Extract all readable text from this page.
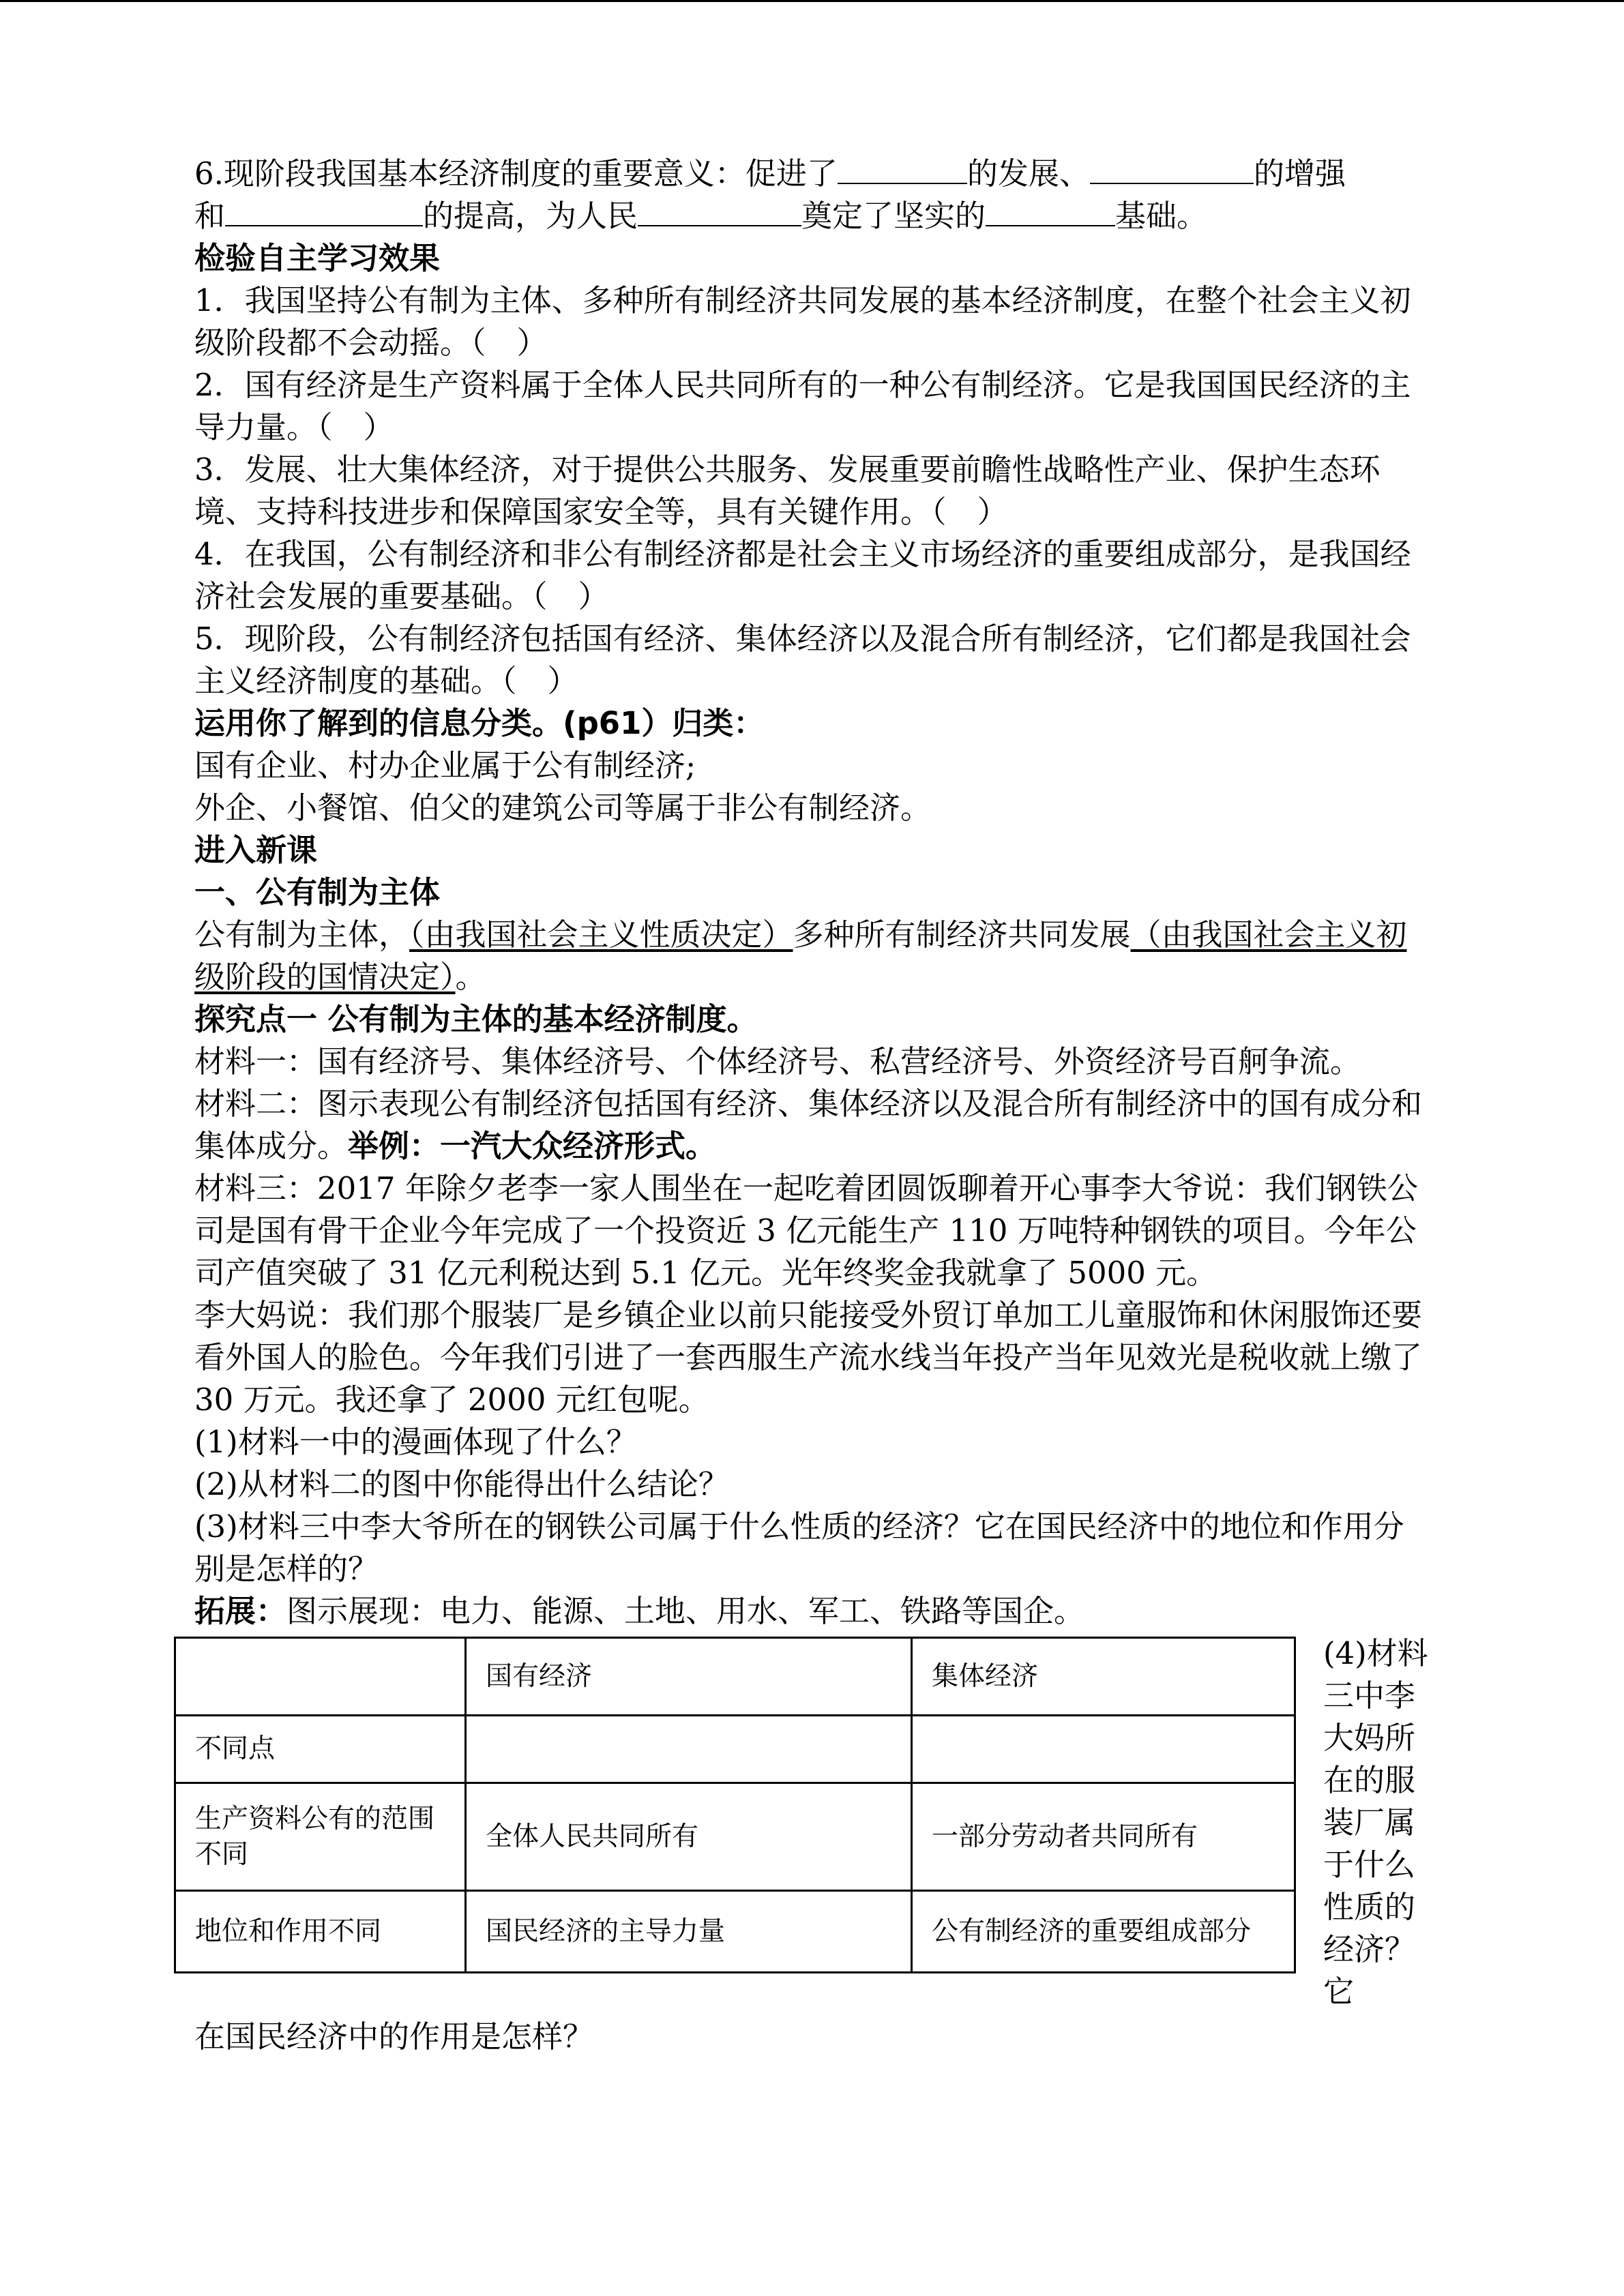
6.现阶段我国基本经济制度的重要意义：促进了	的发展、	的增强
和	的提高，为人民	奠定了坚实的	基础。

检验自主学习效果

1．我国坚持公有制为主体、多种所有制经济共同发展的基本经济制度，在整个社会主义初级阶段都不会动摇。（　）

2．国有经济是生产资料属于全体人民共同所有的一种公有制经济。它是我国国民经济的主导力量。（　）

3．发展、壮大集体经济，对于提供公共服务、发展重要前瞻性战略性产业、保护生态环境、支持科技进步和保障国家安全等，具有关键作用。（　）

4．在我国，公有制经济和非公有制经济都是社会主义市场经济的重要组成部分，是我国经济社会发展的重要基础。（　）

5．现阶段，公有制经济包括国有经济、集体经济以及混合所有制经济，它们都是我国社会主义经济制度的基础。（　）

运用你了解到的信息分类。(p61）归类：

国有企业、村办企业属于公有制经济;

外企、小餐馆、伯父的建筑公司等属于非公有制经济。

进入新课

一、公有制为主体

公有制为主体，（由我国社会主义性质决定）多种所有制经济共同发展（由我国社会主义初级阶段的国情决定）。

探究点一 公有制为主体的基本经济制度。

材料一：国有经济号、集体经济号、个体经济号、私营经济号、外资经济号百舸争流。

材料二：图示表现公有制经济包括国有经济、集体经济以及混合所有制经济中的国有成分和集体成分。举例：一汽大众经济形式。

材料三：2017 年除夕老李一家人围坐在一起吃着团圆饭聊着开心事李大爷说：我们钢铁公司是国有骨干企业今年完成了一个投资近 3 亿元能生产 110 万吨特种钢铁的项目。今年公司产值突破了 31 亿元利税达到 5.1 亿元。光年终奖金我就拿了 5000 元。

李大妈说：我们那个服装厂是乡镇企业以前只能接受外贸订单加工儿童服饰和休闲服饰还要看外国人的脸色。今年我们引进了一套西服生产流水线当年投产当年见效光是税收就上缴了 30 万元。我还拿了 2000 元红包呢。

(1)材料一中的漫画体现了什么？

(2)从材料二的图中你能得出什么结论？

(3)材料三中李大爷所在的钢铁公司属于什么性质的经济？它在国民经济中的地位和作用分别是怎样的？

拓展：图示展现：电力、能源、土地、用水、军工、铁路等国企。

	国有经济	集体经济
不同点		
生产资料公有的范围不同	全体人民共同所有	一部分劳动者共同所有
地位和作用不同	国民经济的主导力量	公有制经济的重要组成部分
(4)材料三中李大妈所在的服装厂属于什么性质的经济？它

在国民经济中的作用是怎样？
